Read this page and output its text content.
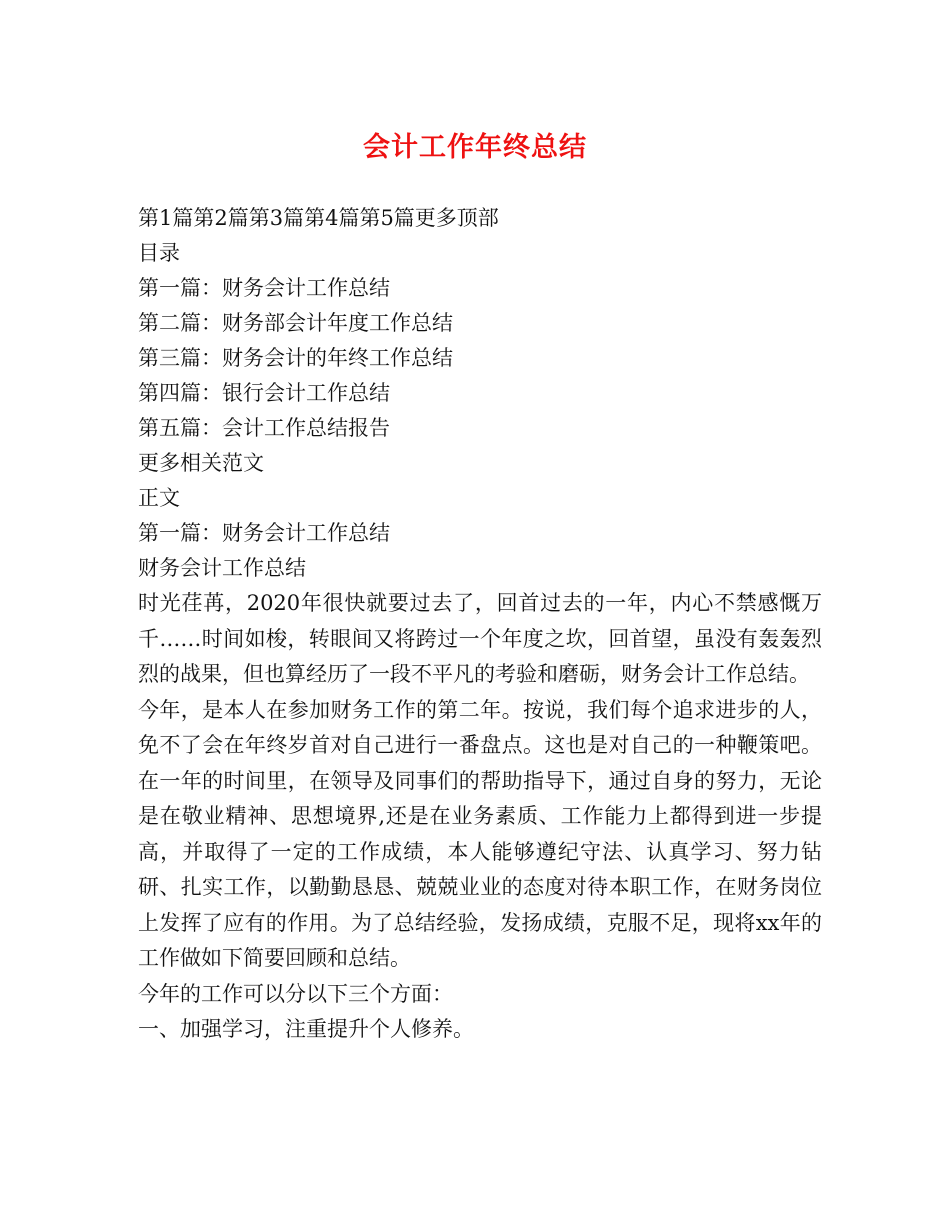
会计工作年终总结
第1篇第2篇第3篇第4篇第5篇更多顶部
目录
第一篇：财务会计工作总结
第二篇：财务部会计年度工作总结
第三篇：财务会计的年终工作总结
第四篇：银行会计工作总结
第五篇：会计工作总结报告
更多相关范文
正文
第一篇：财务会计工作总结
财务会计工作总结
时光荏苒，2020年很快就要过去了，回首过去的一年，内心不禁感慨万千……时间如梭，转眼间又将跨过一个年度之坎，回首望，虽没有轰轰烈烈的战果，但也算经历了一段不平凡的考验和磨砺，财务会计工作总结。
今年，是本人在参加财务工作的第二年。按说，我们每个追求进步的人，免不了会在年终岁首对自己进行一番盘点。这也是对自己的一种鞭策吧。在一年的时间里，在领导及同事们的帮助指导下，通过自身的努力，无论是在敬业精神、思想境界,还是在业务素质、工作能力上都得到进一步提高，并取得了一定的工作成绩，本人能够遵纪守法、认真学习、努力钻研、扎实工作，以勤勤恳恳、兢兢业业的态度对待本职工作，在财务岗位上发挥了应有的作用。为了总结经验，发扬成绩，克服不足，现将xx年的工作做如下简要回顾和总结。
今年的工作可以分以下三个方面：
一、加强学习，注重提升个人修养。
